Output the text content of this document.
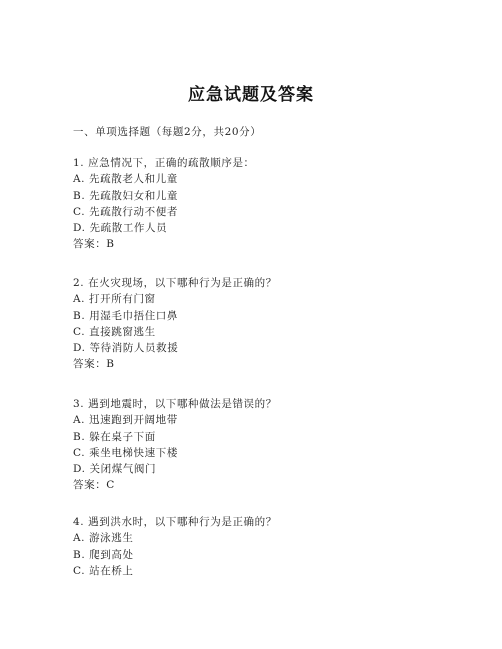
应急试题及答案
一、单项选择题（每题2分，共20分）
1. 应急情况下，正确的疏散顺序是：
A. 先疏散老人和儿童
B. 先疏散妇女和儿童
C. 先疏散行动不便者
D. 先疏散工作人员
答案：B
2. 在火灾现场，以下哪种行为是正确的？
A. 打开所有门窗
B. 用湿毛巾捂住口鼻
C. 直接跳窗逃生
D. 等待消防人员救援
答案：B
3. 遇到地震时，以下哪种做法是错误的？
A. 迅速跑到开阔地带
B. 躲在桌子下面
C. 乘坐电梯快速下楼
D. 关闭煤气阀门
答案：C
4. 遇到洪水时，以下哪种行为是正确的？
A. 游泳逃生
B. 爬到高处
C. 站在桥上
